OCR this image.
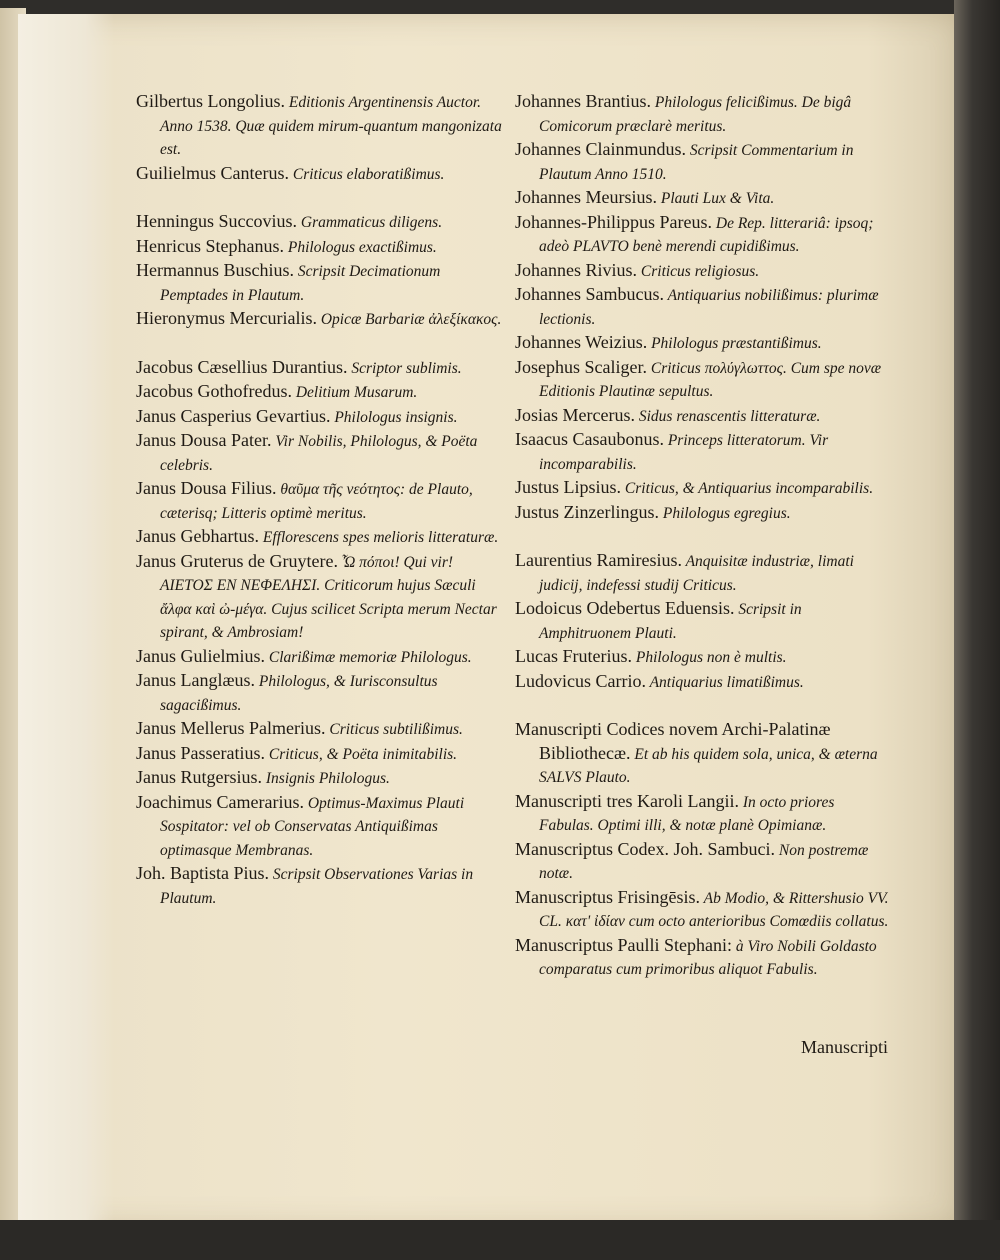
Gilbertus Longolius. Editionis Argentinensis Auctor. Anno 1538. Quæ quidem mirum-quantum mangonizata est.

Guilielmus Canterus. Criticus elaboratißimus.

Henningus Succovius. Grammaticus diligens.

Henricus Stephanus. Philologus exactißimus.

Hermannus Buschius. Scripsit Decimationum Pemptades in Plautum.

Hieronymus Mercurialis. Opicæ Barbariæ ἀλεξίκακος.

Jacobus Cæsellius Durantius. Scriptor sublimis.

Jacobus Gothofredus. Delitium Musarum.

Janus Casperius Gevartius. Philologus insignis.

Janus Dousa Pater. Vir Nobilis, Philologus, & Poëta celebris.

Janus Dousa Filius. θαῦμα τῆς νεότητος: de Plauto, cæterisq; Litteris optimè meritus.

Janus Gebhartus. Efflorescens spes melioris litteraturæ.

Janus Gruterus de Gruytere. Ὦ πόποι! Qui vir! ΑΙΕΤΟΣ ΕΝ ΝΕΦΕΛΗΣΙ. Criticorum hujus Sæculi ἄλφα καὶ ὠ-μέγα. Cujus scilicet Scripta merum Nectar spirant, & Ambrosiam!

Janus Gulielmius. Clarißimæ memoriæ Philologus.

Janus Langlæus. Philologus, & Iurisconsultus sagacißimus.

Janus Mellerus Palmerius. Criticus subtilißimus.

Janus Passeratius. Criticus, & Poëta inimitabilis.

Janus Rutgersius. Insignis Philologus.

Joachimus Camerarius. Optimus-Maximus Plauti Sospitator: vel ob Conservatas Antiquißimas optimasque Membranas.

Joh. Baptista Pius. Scripsit Observationes Varias in Plautum.

Johannes Brantius. Philologus felicißimus. De bigâ Comicorum præclarè meritus.

Johannes Clainmundus. Scripsit Commentarium in Plautum Anno 1510.

Johannes Meursius. Plauti Lux & Vita.

Johannes-Philippus Pareus. De Rep. litterariâ: ipsoq; adeò PLAVTO benè merendi cupidißimus.

Johannes Rivius. Criticus religiosus.

Johannes Sambucus. Antiquarius nobilißimus: plurimæ lectionis.

Johannes Weizius. Philologus præstantißimus.

Josephus Scaliger. Criticus πολύγλωττος. Cum spe novæ Editionis Plautinæ sepultus.

Josias Mercerus. Sidus renascentis litteraturæ.

Isaacus Casaubonus. Princeps litteratorum. Vir incomparabilis.

Justus Lipsius. Criticus, & Antiquarius incomparabilis.

Justus Zinzerlingus. Philologus egregius.

Laurentius Ramiresius. Anquisitæ industriæ, limati judicij, indefessi studij Criticus.

Lodoicus Odebertus Eduensis. Scripsit in Amphitruonem Plauti.

Lucas Fruterius. Philologus non è multis.

Ludovicus Carrio. Antiquarius limatißimus.

Manuscripti Codices novem Archi-Palatinæ Bibliothecæ. Et ab his quidem sola, unica, & æterna SALVS Plauto.

Manuscripti tres Karoli Langii. In octo priores Fabulas. Optimi illi, & notæ planè Opimianæ.

Manuscriptus Codex. Joh. Sambuci. Non postremæ notæ.

Manuscriptus Frisingēsis. Ab Modio, & Rittershusio VV. CL. κατ' ἰδίαν cum octo anterioribus Comœdiis collatus.

Manuscriptus Paulli Stephani: à Viro Nobili Goldasto comparatus cum primoribus aliquot Fabulis.

Manuscripti
